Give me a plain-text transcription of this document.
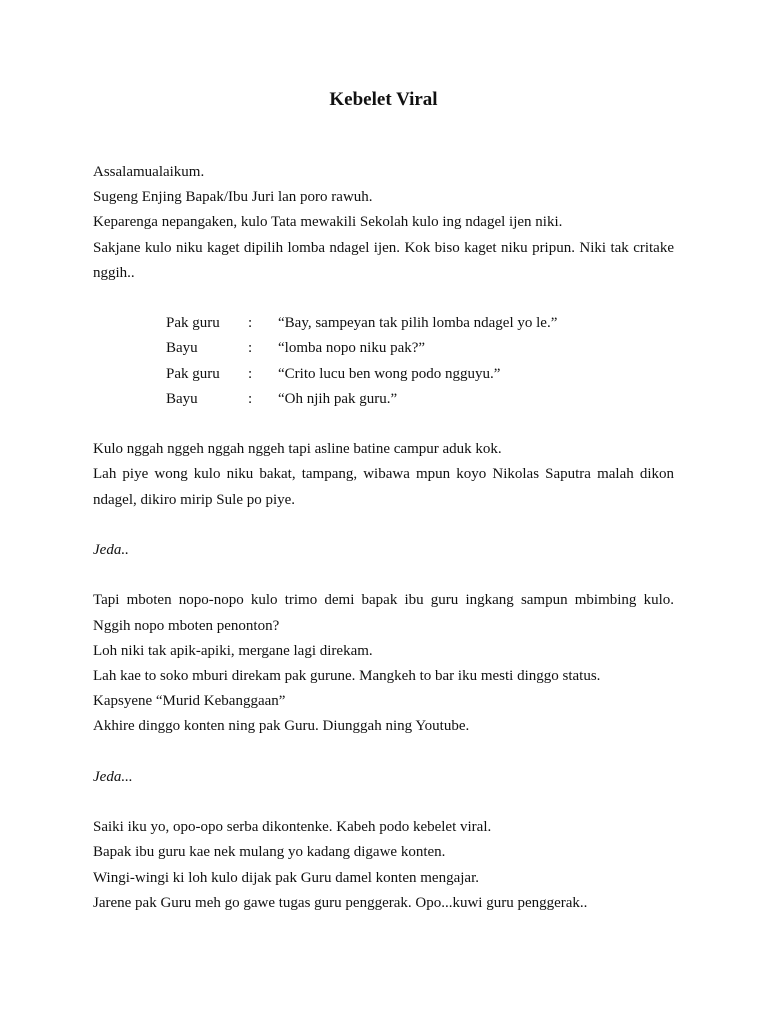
Kebelet Viral

Assalamualaikum.

Sugeng Enjing Bapak/Ibu Juri lan poro rawuh.

Keparenga nepangaken, kulo Tata mewakili Sekolah kulo ing ndagel ijen niki.

Sakjane kulo niku kaget dipilih lomba ndagel ijen. Kok biso kaget niku pripun. Niki tak critake nggih..

Pak guru	:	“Bay, sampeyan tak pilih lomba ndagel yo le.”
Bayu	:	“lomba nopo niku pak?”
Pak guru	:	“Crito lucu ben wong podo ngguyu.”
Bayu	:	“Oh njih pak guru.”

Kulo nggah nggeh nggah nggeh tapi asline batine campur aduk kok.

Lah piye wong kulo niku bakat, tampang, wibawa mpun koyo Nikolas Saputra malah dikon ndagel, dikiro mirip Sule po piye.

Jeda..

Tapi mboten nopo-nopo kulo trimo demi bapak ibu guru ingkang sampun mbimbing kulo. Nggih nopo mboten penonton?

Loh niki tak apik-apiki, mergane lagi direkam.

Lah kae to soko mburi direkam pak gurune. Mangkeh to bar iku mesti dinggo status.

Kapsyene “Murid Kebanggaan”

Akhire dinggo konten ning pak Guru. Diunggah ning Youtube.

Jeda...

Saiki iku yo, opo-opo serba dikontenke. Kabeh podo kebelet viral.

Bapak ibu guru kae nek mulang yo kadang digawe konten.

Wingi-wingi ki loh kulo dijak pak Guru damel konten mengajar.

Jarene pak Guru meh go gawe tugas guru penggerak. Opo...kuwi guru penggerak..
